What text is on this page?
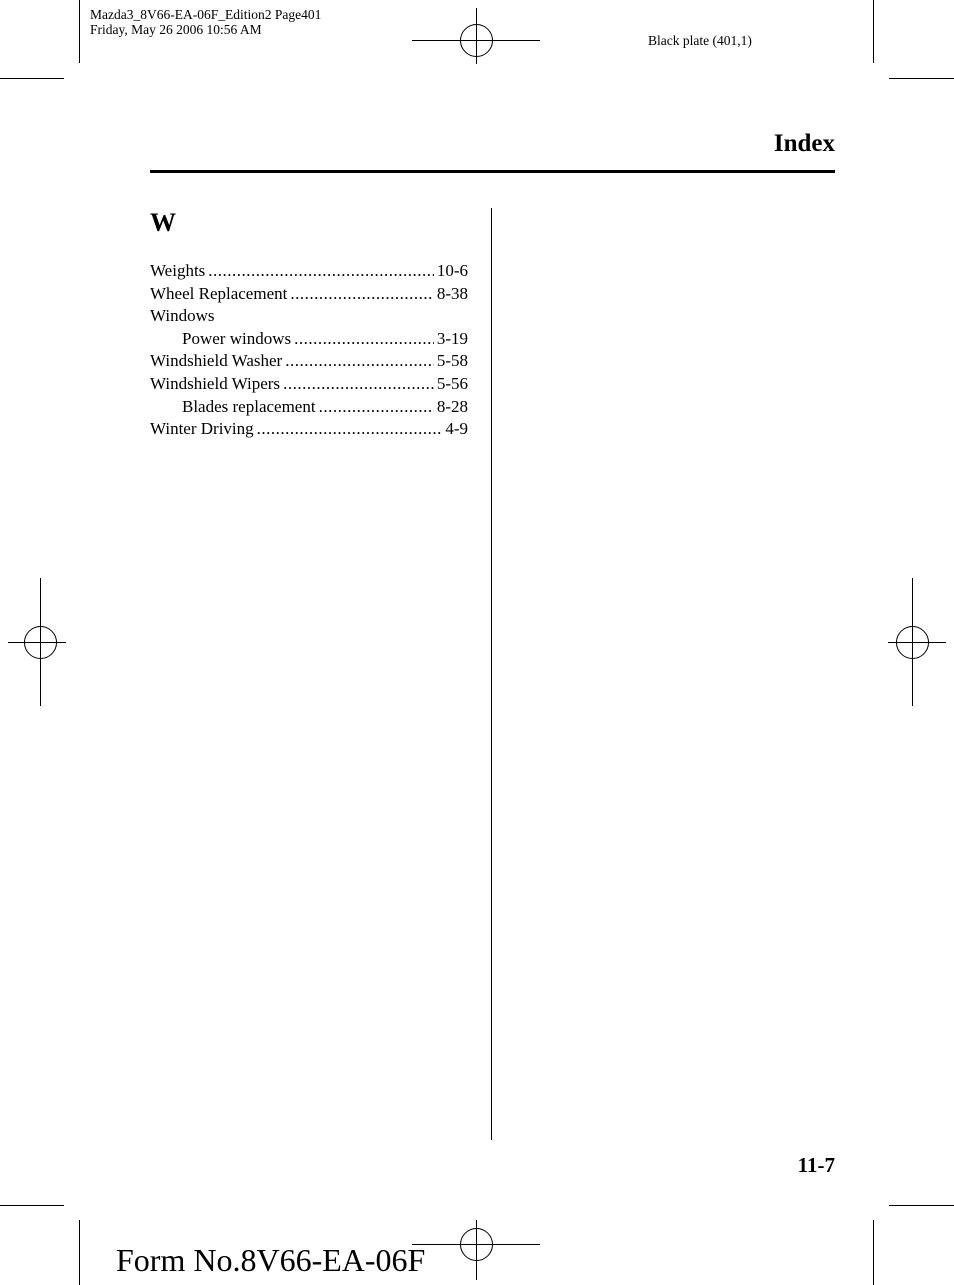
Mazda3_8V66-EA-06F_Edition2 Page401
Friday, May 26 2006 10:56 AM
Black plate (401,1)
Index
W
Weights .....	10-6
Wheel Replacement .....	8-38
Windows
Power windows .....	3-19
Windshield Washer .....	5-58
Windshield Wipers .....	5-56
Blades replacement .....	8-28
Winter Driving .....	4-9
11-7
Form No.8V66-EA-06F
